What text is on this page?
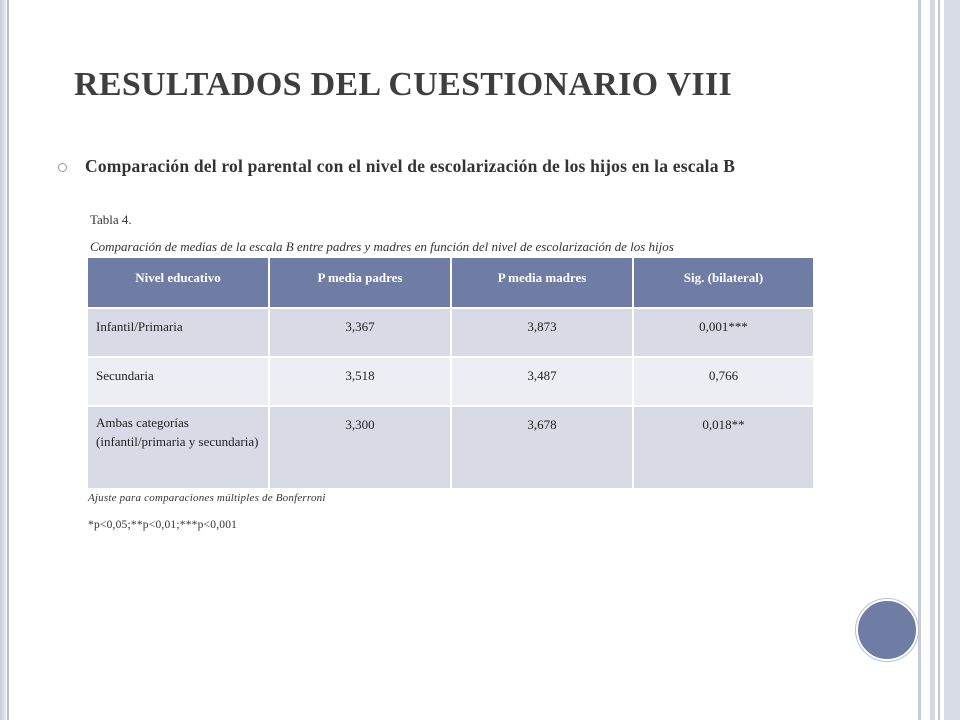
RESULTADOS DEL CUESTIONARIO VIII
Comparación del rol parental con el nivel de escolarización de los hijos en la escala B
Tabla 4.
Comparación de medias de la escala B entre padres y madres en función del nivel de escolarización de los hijos
Nivel educativo	P media padres	P media madres	Sig. (bilateral)
Infantil/Primaria	3,367	3,873	0,001***
Secundaria	3,518	3,487	0,766
Ambas categorías (infantil/primaria y secundaria)	3,300	3,678	0,018**
Ajuste para comparaciones múltiples de Bonferroni
*p<0,05;**p<0,01;***p<0,001
